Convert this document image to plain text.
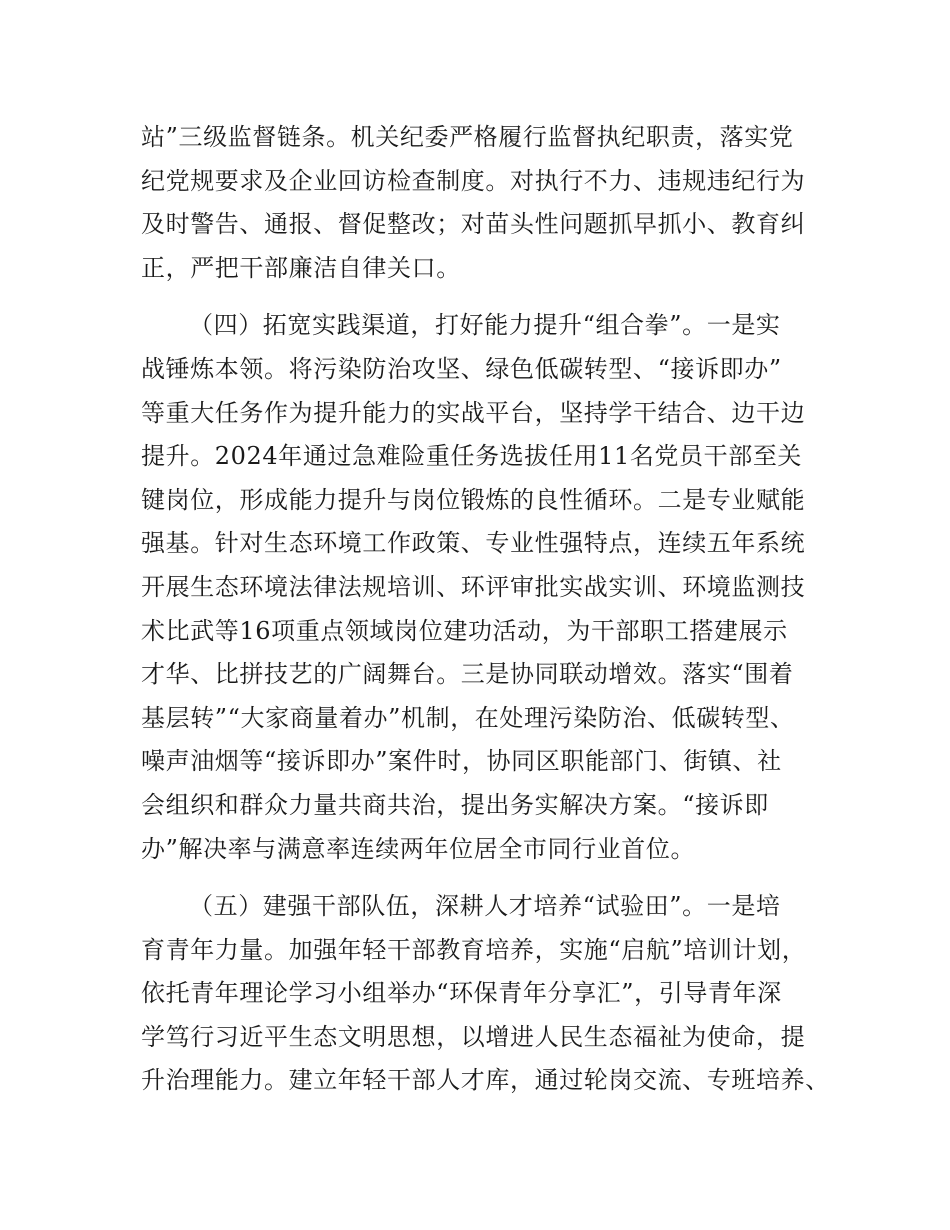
站”三级监督链条。机关纪委严格履行监督执纪职责，落实党
纪党规要求及企业回访检查制度。对执行不力、违规违纪行为
及时警告、通报、督促整改；对苗头性问题抓早抓小、教育纠
正，严把干部廉洁自律关口。
（四）拓宽实践渠道，打好能力提升“组合拳”。一是实
战锤炼本领。将污染防治攻坚、绿色低碳转型、“接诉即办”
等重大任务作为提升能力的实战平台，坚持学干结合、边干边
提升。2024年通过急难险重任务选拔任用11名党员干部至关
键岗位，形成能力提升与岗位锻炼的良性循环。二是专业赋能
强基。针对生态环境工作政策、专业性强特点，连续五年系统
开展生态环境法律法规培训、环评审批实战实训、环境监测技
术比武等16项重点领域岗位建功活动，为干部职工搭建展示
才华、比拼技艺的广阔舞台。三是协同联动增效。落实“围着
基层转”“大家商量着办”机制，在处理污染防治、低碳转型、
噪声油烟等“接诉即办”案件时，协同区职能部门、街镇、社
会组织和群众力量共商共治，提出务实解决方案。“接诉即
办”解决率与满意率连续两年位居全市同行业首位。
（五）建强干部队伍，深耕人才培养“试验田”。一是培
育青年力量。加强年轻干部教育培养，实施“启航”培训计划，
依托青年理论学习小组举办“环保青年分享汇”，引导青年深
学笃行习近平生态文明思想，以增进人民生态福祉为使命，提
升治理能力。建立年轻干部人才库，通过轮岗交流、专班培养、
